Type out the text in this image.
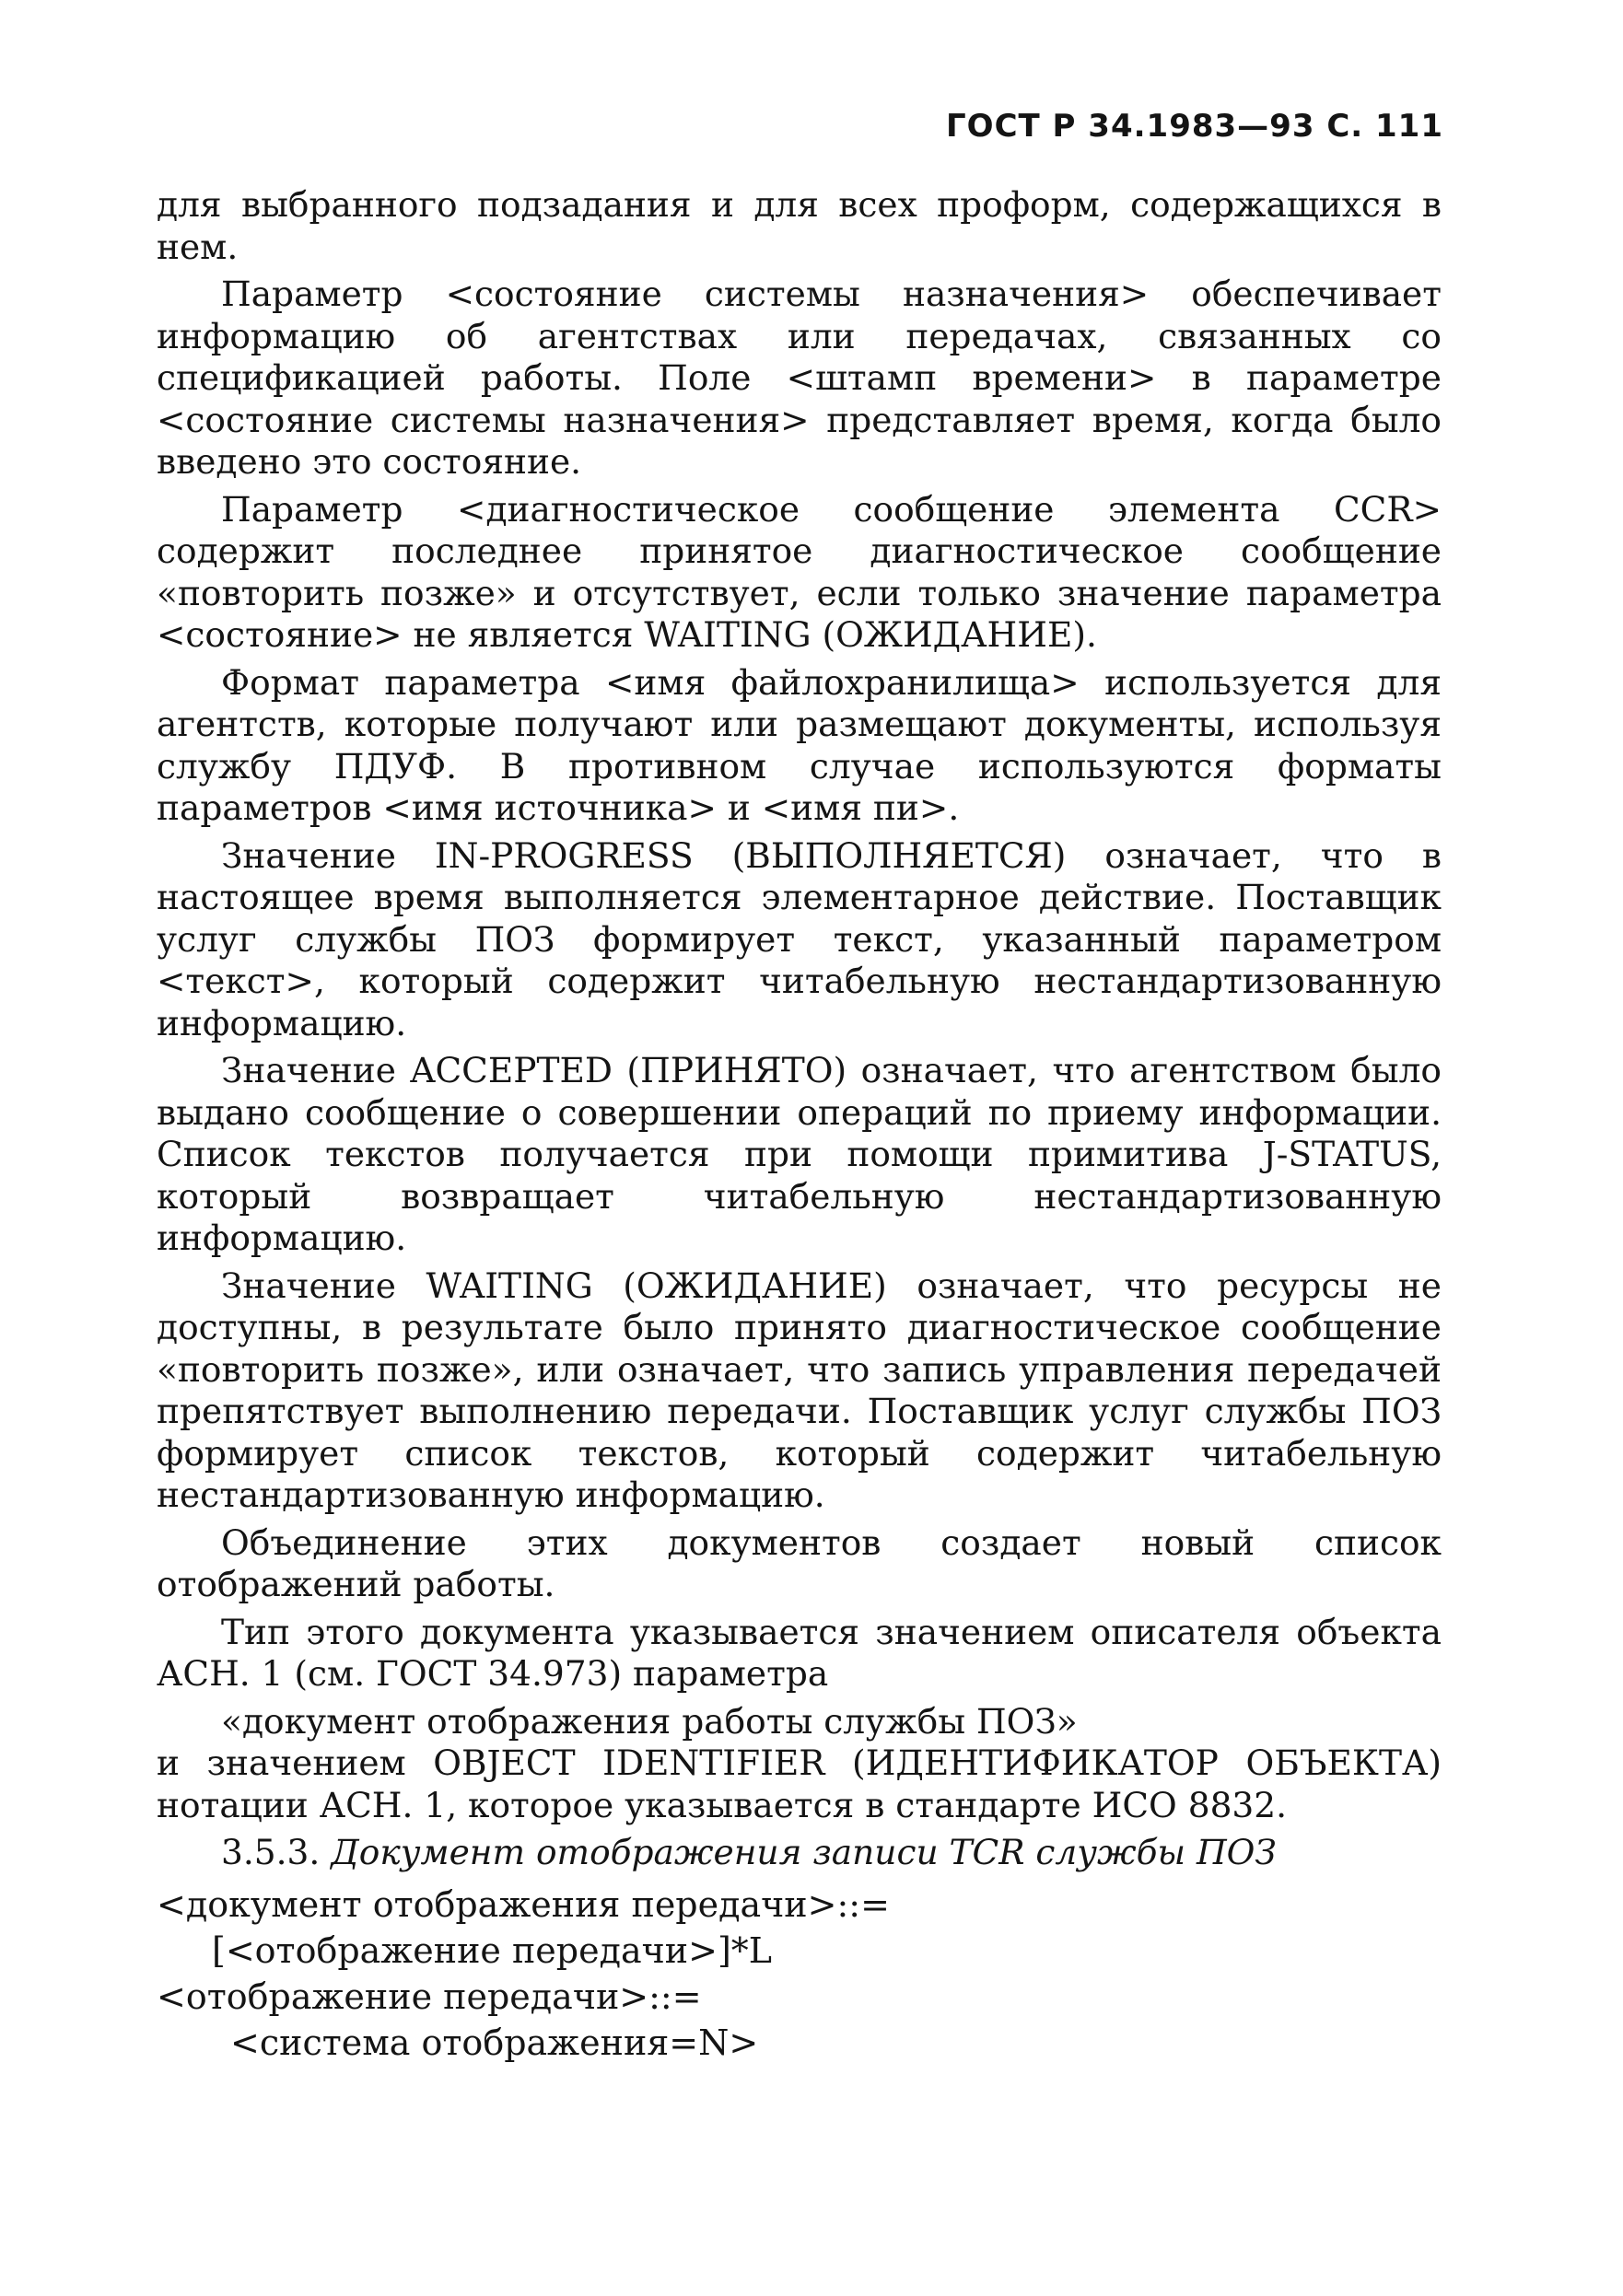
ГОСТ Р 34.1983—93 С. 111

для выбранного подзадания и для всех проформ, содержащихся в нем.

Параметр <состояние системы назначения> обеспечивает информацию об агентствах или передачах, связанных со спецификацией работы. Поле <штамп времени> в параметре <состояние системы назначения> представляет время, когда было введено это состояние.

Параметр <диагностическое сообщение элемента CCR> содержит последнее принятое диагностическое сообщение «повторить позже» и отсутствует, если только значение параметра <состояние> не является WAITING (ОЖИДАНИЕ).

Формат параметра <имя файлохранилища> используется для агентств, которые получают или размещают документы, используя службу ПДУФ. В противном случае используются форматы параметров <имя источника> и <имя пи>.

Значение IN-PROGRESS (ВЫПОЛНЯЕТСЯ) означает, что в настоящее время выполняется элементарное действие. Поставщик услуг службы ПОЗ формирует текст, указанный параметром <текст>, который содержит читабельную нестандартизованную информацию.

Значение ACCEPTED (ПРИНЯТО) означает, что агентством было выдано сообщение о совершении операций по приему информации. Список текстов получается при помощи примитива J-STATUS, который возвращает читабельную нестандартизованную информацию.

Значение WAITING (ОЖИДАНИЕ) означает, что ресурсы не доступны, в результате было принято диагностическое сообщение «повторить позже», или означает, что запись управления передачей препятствует выполнению передачи. Поставщик услуг службы ПОЗ формирует список текстов, который содержит читабельную нестандартизованную информацию.

Объединение этих документов создает новый список отображений работы.

Тип этого документа указывается значением описателя объекта АСН. 1 (см. ГОСТ 34.973) параметра

«документ отображения работы службы ПОЗ»

и значением OBJECT IDENTIFIER (ИДЕНТИФИКАТОР ОБЪЕКТА) нотации АСН. 1, которое указывается в стандарте ИСО 8832.

3.5.3. Документ отображения записи TCR службы ПОЗ
<документ отображения передачи>::=
[<отображение передачи>]*L
<отображение передачи>::=
<система отображения=N>
